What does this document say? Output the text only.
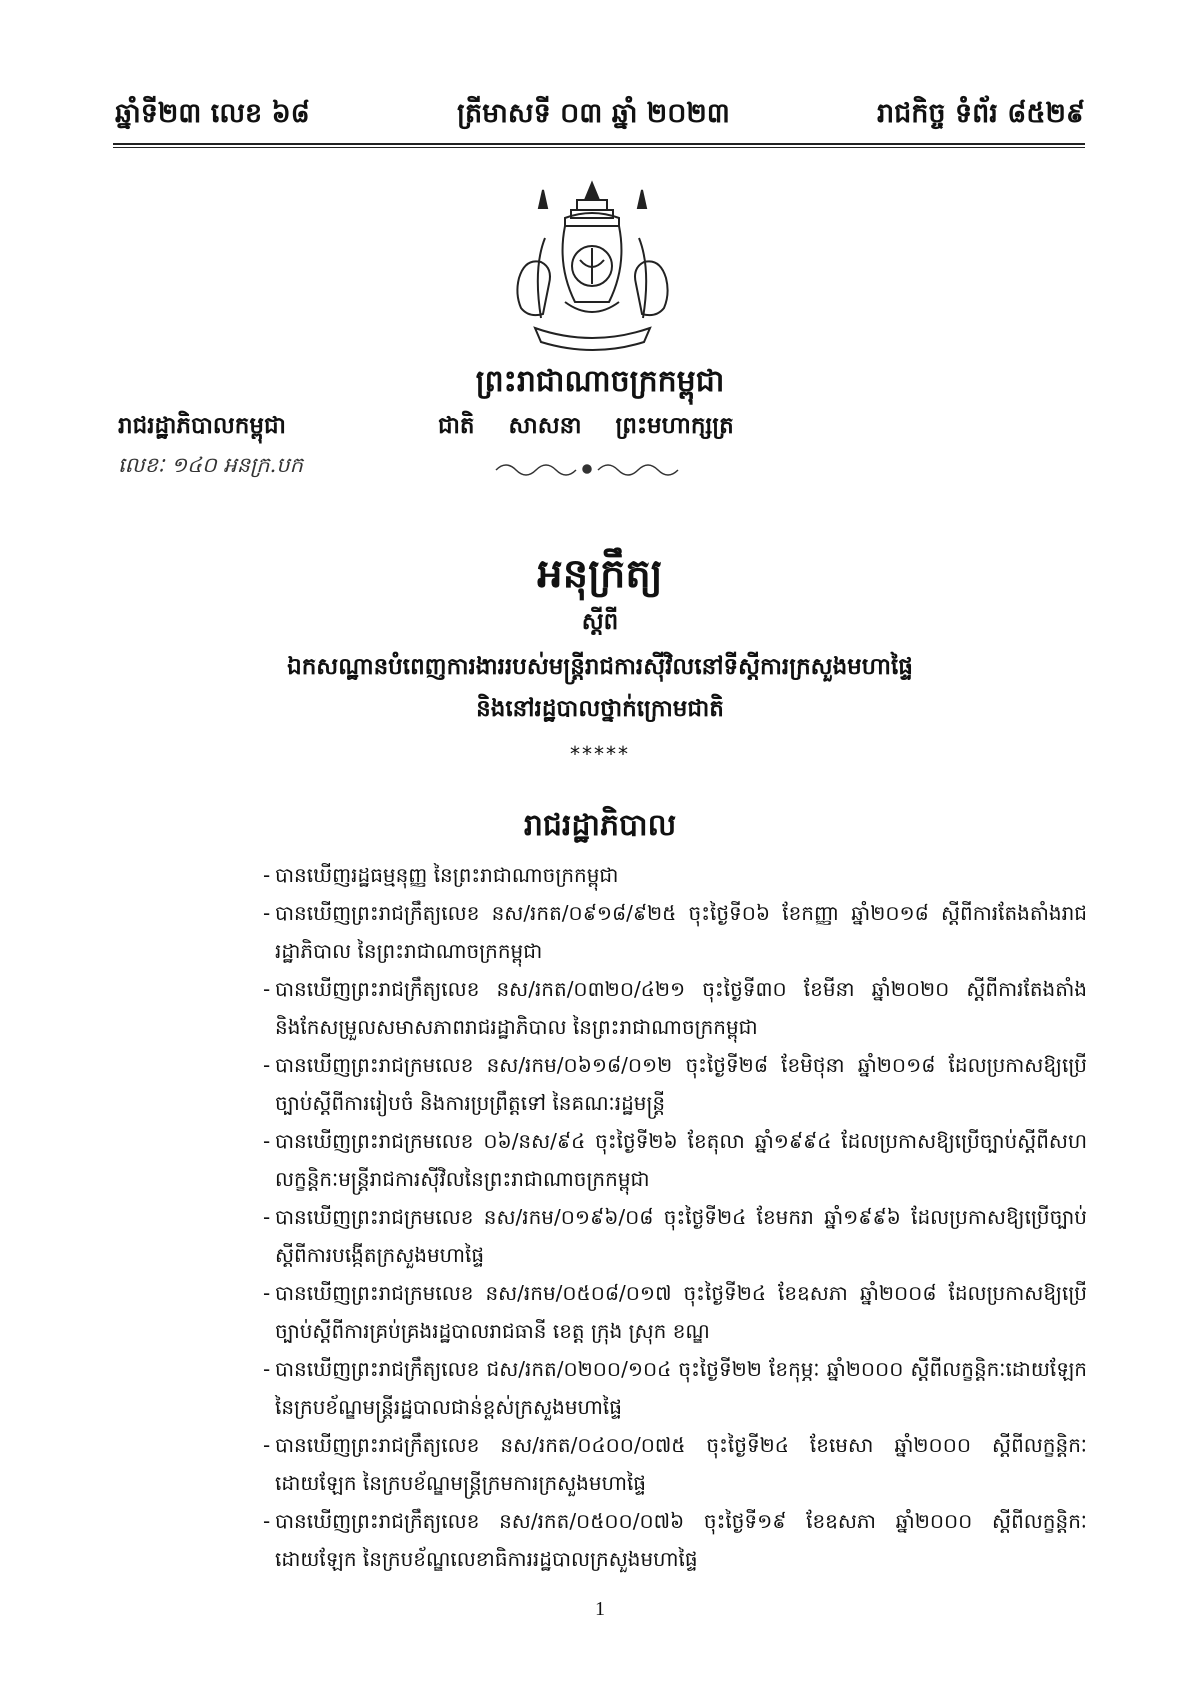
ឆ្នាំទី២៣ លេខ ៦៨	ត្រីមាសទី ០៣ ឆ្នាំ ២០២៣	រាជកិច្ច ទំព័រ ៨៥២៩
ព្រះរាជាណាចក្រកម្ពុជា
រាជរដ្ឋាភិបាលកម្ពុជា
លេខៈ ១៤០ អនក្រ.បក
ជាតិ សាសនា ព្រះមហាក្សត្រ
អនុក្រឹត្យ
ស្តីពី
ឯកសណ្ឋានបំពេញការងាររបស់មន្ត្រីរាជការស៊ីវិលនៅទីស្តីការក្រសួងមហាផ្ទៃ
និងនៅរដ្ឋបាលថ្នាក់ក្រោមជាតិ
*****
រាជរដ្ឋាភិបាល
- បានឃើញរដ្ឋធម្មនុញ្ញ នៃព្រះរាជាណាចក្រកម្ពុជា
- បានឃើញព្រះរាជក្រឹត្យលេខ នស/រកត/០៩១៨/៩២៥ ចុះថ្ងៃទី០៦ ខែកញ្ញា ឆ្នាំ២០១៨ ស្តីពីការតែងតាំងរាជរដ្ឋាភិបាល នៃព្រះរាជាណាចក្រកម្ពុជា
- បានឃើញព្រះរាជក្រឹត្យលេខ នស/រកត/០៣២០/៤២១ ចុះថ្ងៃទី៣០ ខែមីនា ឆ្នាំ២០២០ ស្តីពីការតែងតាំង និងកែសម្រួលសមាសភាពរាជរដ្ឋាភិបាល នៃព្រះរាជាណាចក្រកម្ពុជា
- បានឃើញព្រះរាជក្រមលេខ នស/រកម/០៦១៨/០១២ ចុះថ្ងៃទី២៨ ខែមិថុនា ឆ្នាំ២០១៨ ដែលប្រកាសឱ្យប្រើច្បាប់ស្តីពីការរៀបចំ និងការប្រព្រឹត្តទៅ នៃគណៈរដ្ឋមន្ត្រី
- បានឃើញព្រះរាជក្រមលេខ ០៦/នស/៩៤ ចុះថ្ងៃទី២៦ ខែតុលា ឆ្នាំ១៩៩៤ ដែលប្រកាសឱ្យប្រើច្បាប់ស្តីពីសហលក្ខន្តិកៈមន្ត្រីរាជការស៊ីវិលនៃព្រះរាជាណាចក្រកម្ពុជា
- បានឃើញព្រះរាជក្រមលេខ នស/រកម/០១៩៦/០៨ ចុះថ្ងៃទី២៤ ខែមករា ឆ្នាំ១៩៩៦ ដែលប្រកាសឱ្យប្រើច្បាប់ស្តីពីការបង្កើតក្រសួងមហាផ្ទៃ
- បានឃើញព្រះរាជក្រមលេខ នស/រកម/០៥០៨/០១៧ ចុះថ្ងៃទី២៤ ខែឧសភា ឆ្នាំ២០០៨ ដែលប្រកាសឱ្យប្រើច្បាប់ស្តីពីការគ្រប់គ្រងរដ្ឋបាលរាជធានី ខេត្ត ក្រុង ស្រុក ខណ្ឌ
- បានឃើញព្រះរាជក្រឹត្យលេខ ជស/រកត/០២០០/១០៤ ចុះថ្ងៃទី២២ ខែកុម្ភៈ ឆ្នាំ២០០០ ស្តីពីលក្ខន្តិកៈដោយឡែក នៃក្របខ័ណ្ឌមន្ត្រីរដ្ឋបាលជាន់ខ្ពស់ក្រសួងមហាផ្ទៃ
- បានឃើញព្រះរាជក្រឹត្យលេខ នស/រកត/០៤០០/០៧៥ ចុះថ្ងៃទី២៤ ខែមេសា ឆ្នាំ២០០០ ស្តីពីលក្ខន្តិកៈដោយឡែក នៃក្របខ័ណ្ឌមន្ត្រីក្រមការក្រសួងមហាផ្ទៃ
- បានឃើញព្រះរាជក្រឹត្យលេខ នស/រកត/០៥០០/០៧៦ ចុះថ្ងៃទី១៩ ខែឧសភា ឆ្នាំ២០០០ ស្តីពីលក្ខន្តិកៈដោយឡែក នៃក្របខ័ណ្ឌលេខាធិការរដ្ឋបាលក្រសួងមហាផ្ទៃ
1
